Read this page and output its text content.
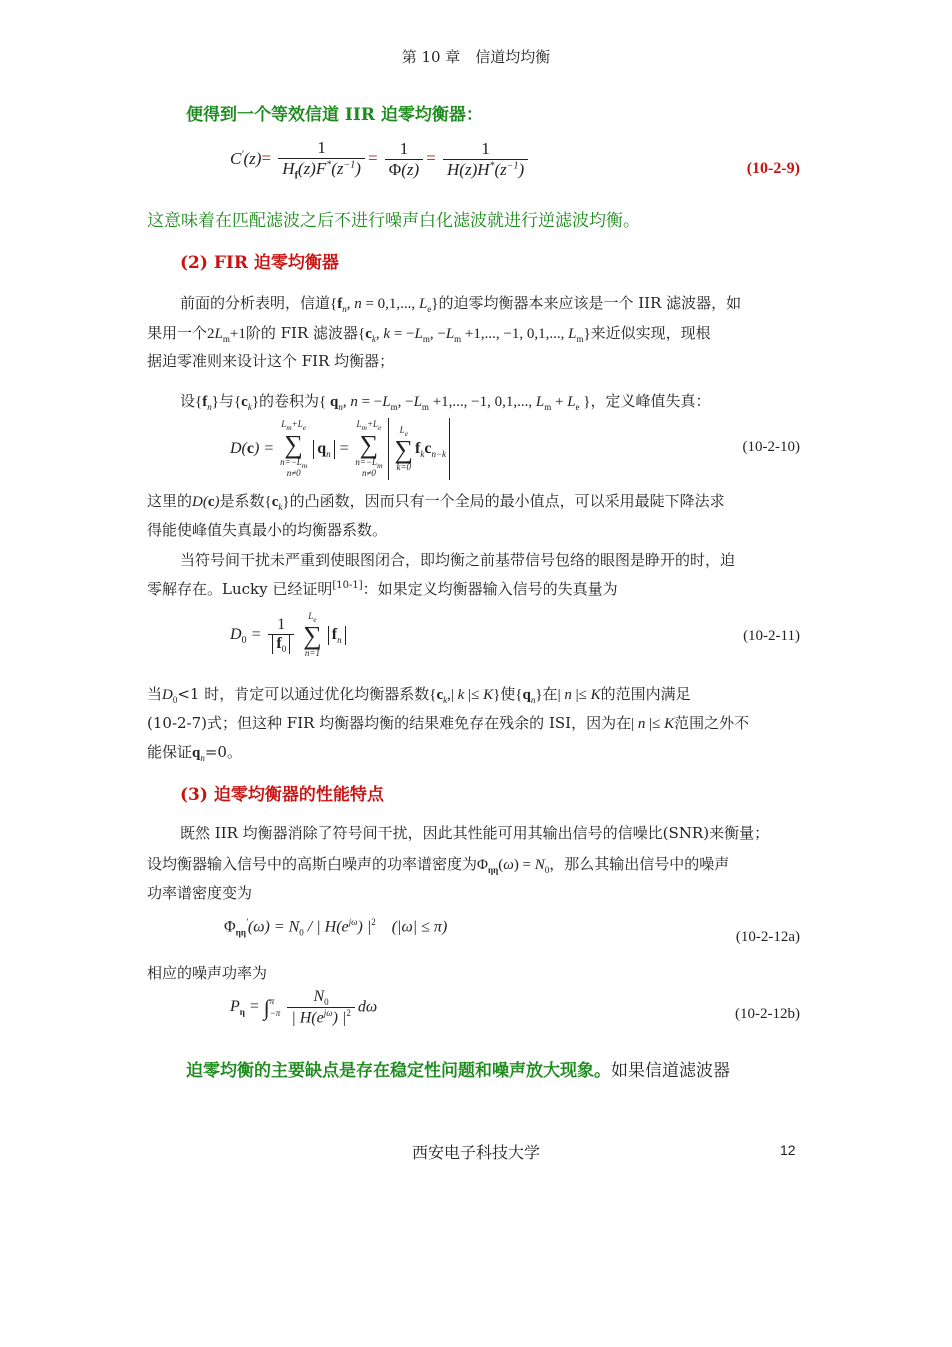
第 10 章　信道均均衡
便得到一个等效信道 IIR 迫零均衡器：
$C'(z)= \frac{1}{H_f(z)F^*(z^{-1})} = \frac{1}{\Phi(z)} = \frac{1}{H(z)H^*(z^{-1})}$	(10-2-9)
这意味着在匹配滤波之后不进行噪声白化滤波就进行逆滤波均衡。
(2) FIR 迫零均衡器
前面的分析表明，信道{$f_n$, n = 0,1,..., $L_e$}的迫零均衡器本来应该是一个 IIR 滤波器，如
果用一个$2L_m+1$阶的 FIR 滤波器{$c_k$, $k = -L_m$, $-L_m +1$,..., −1, 0,1,..., $L_m$}来近似实现，现根
据迫零准则来设计这个 FIR 均衡器；
设$\{f_n\}$与$\{c_k\}$的卷积为{ $q_n$, $n = -L_m$, $-L_m +1$,..., −1, 0,1,..., $L_m + L_e$ }，定义峰值失真：
D(c) =
$L_m+L_e$
∑
$n=-L_m$
n≠0
$q_n$ =
$L_m+L_e$
∑
$n=-L_m$
n≠0

$L_e$
∑
k=0
$f_kc_{n-k}$	(10-2-10)
这里的D(c)是系数$\{c_k\}$的凸函数，因而只有一个全局的最小值点，可以采用最陡下降法求
得能使峰值失真最小的均衡器系数。
当符号间干扰未严重到使眼图闭合，即均衡之前基带信号包络的眼图是睁开的时，迫
零解存在。Lucky 已经证明[10-1]：如果定义均衡器输入信号的失真量为
$D_0 = \frac{1}{f_0}$

$L_e$
∑
n=1
$f_n$	(10-2-11)
当$D_0<1$ 时，肯定可以通过优化均衡器系数{$c_k,|$ k |≤ K}使$\{q_n\}$在| n |≤ K的范围内满足
(10-2-7)式；但这种 FIR 均衡器均衡的结果难免存在残余的 ISI，因为在| n |≤ K范围之外不
能保证$q_n=0$。
(3) 迫零均衡器的性能特点
既然 IIR 均衡器消除了符号间干扰，因此其性能可用其输出信号的信噪比(SNR)来衡量；
设均衡器输入信号中的高斯白噪声的功率谱密度为$\Phi_{\eta\eta}(\omega) = N_0$，那么其输出信号中的噪声
功率谱密度变为
$\Phi_{\eta\eta}'(\omega) = N_0$ / | $H(e^{j\omega})$ $|^2$    (|ω| ≤ π)
(10-2-12a)
相应的噪声功率为
$P_\eta$ = ∫ π
−π
$\frac{N_0}{| H(e^{j\omega}) |^2}$ dω	(10-2-12b)
迫零均衡的主要缺点是存在稳定性问题和噪声放大现象。如果信道滤波器
西安电子科技大学	12
